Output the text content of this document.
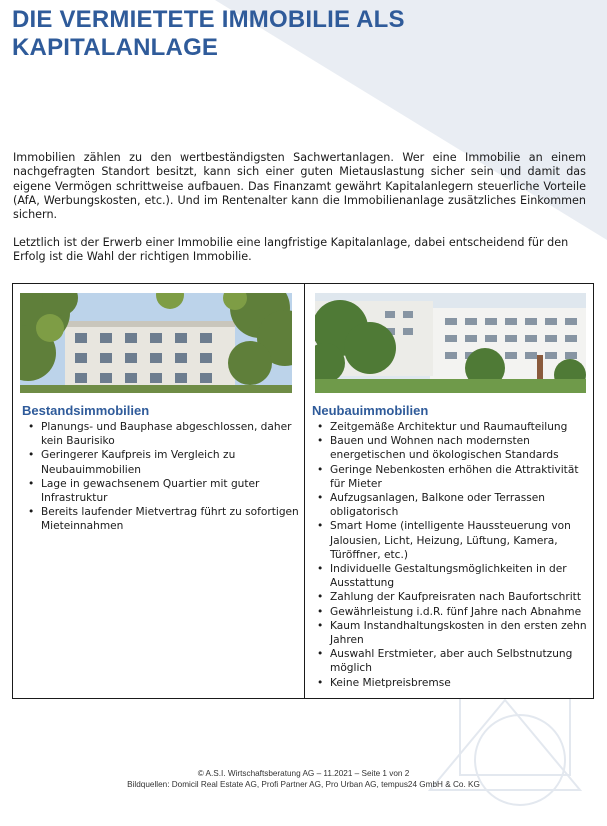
DIE VERMIETETE IMMOBILIE ALS
KAPITALANLAGE

Immobilien zählen zu den wertbeständigsten Sachwertanlagen. Wer eine Immobilie an einem nachgefragten Standort besitzt, kann sich einer guten Mietauslastung sicher sein und damit das eigene Vermögen schrittweise aufbauen. Das Finanzamt gewährt Kapitalanlegern steuerliche Vorteile (AfA, Werbungskosten, etc.). Und im Rentenalter kann die Immobilienanlage zusätzliches Einkommen sichern.

Letztlich ist der Erwerb einer Immobilie eine langfristige Kapitalanlage, dabei entscheidend für den Erfolg ist die Wahl der richtigen Immobilie.

Bestandsimmobilien
• Planungs- und Bauphase abgeschlossen, daher kein Baurisiko
• Geringerer Kaufpreis im Vergleich zu Neubauimmobilien
• Lage in gewachsenem Quartier mit guter Infrastruktur
• Bereits laufender Mietvertrag führt zu sofortigen Mieteinnahmen
Neubauimmobilien
• Zeitgemäße Architektur und Raumaufteilung
• Bauen und Wohnen nach modernsten energetischen und ökologischen Standards
• Geringe Nebenkosten erhöhen die Attraktivität für Mieter
• Aufzugsanlagen, Balkone oder Terrassen obligatorisch
• Smart Home (intelligente Haussteuerung von Jalousien, Licht, Heizung, Lüftung, Kamera, Türöffner, etc.)
• Individuelle Gestaltungsmöglichkeiten in der Ausstattung
• Zahlung der Kaufpreisraten nach Baufortschritt
• Gewährleistung i.d.R. fünf Jahre nach Abnahme
• Kaum Instandhaltungskosten in den ersten zehn Jahren
• Auswahl Erstmieter, aber auch Selbstnutzung möglich
• Keine Mietpreisbremse
© A.S.I. Wirtschaftsberatung AG – 11.2021 – Seite 1 von 2
Bildquellen: Domicil Real Estate AG, Profi Partner AG, Pro Urban AG, tempus24 GmbH & Co. KG
